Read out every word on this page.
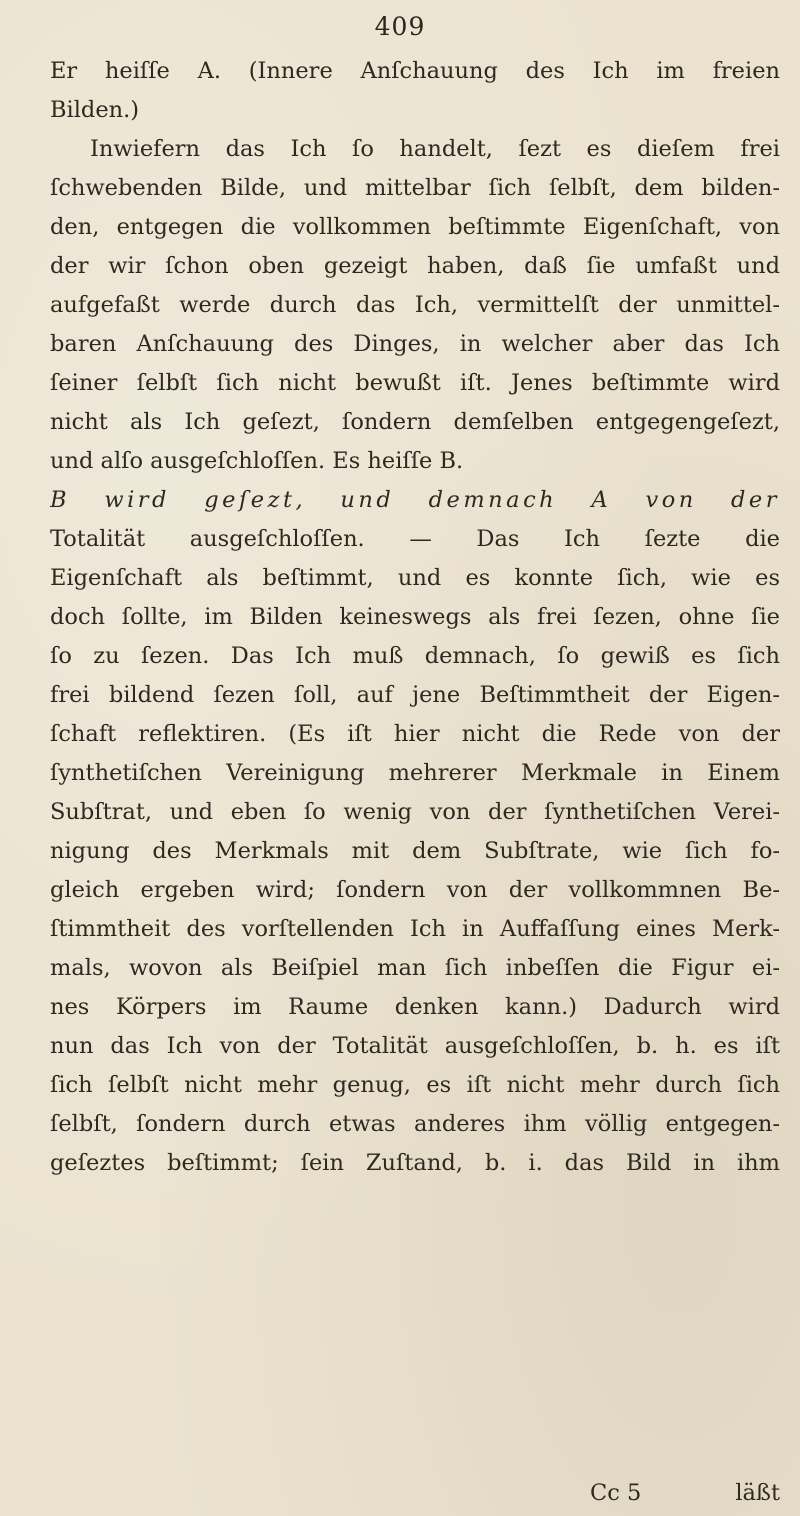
409
Er heiſſe A. (Innere Anſchauung des Ich im freien
Bilden.)
Inwiefern das Ich ſo handelt, ſezt es dieſem frei
ſchwebenden Bilde, und mittelbar ſich ſelbſt, dem bilden-
den, entgegen die vollkommen beſtimmte Eigenſchaft, von
der wir ſchon oben gezeigt haben, daß ſie umfaßt und
aufgefaßt werde durch das Ich, vermittelſt der unmittel-
baren Anſchauung des Dinges, in welcher aber das Ich
ſeiner ſelbſt ſich nicht bewußt iſt. Jenes beſtimmte wird
nicht als Ich geſezt, ſondern demſelben entgegengeſezt,
und alſo ausgeſchloſſen. Es heiſſe B.
B wird geſezt, und demnach A von der
Totalität ausgeſchloſſen. — Das Ich ſezte die
Eigenſchaft als beſtimmt, und es konnte ſich, wie es
doch ſollte, im Bilden keineswegs als frei ſezen, ohne ſie
ſo zu ſezen. Das Ich muß demnach, ſo gewiß es ſich
frei bildend ſezen ſoll, auf jene Beſtimmtheit der Eigen-
ſchaft reflektiren. (Es iſt hier nicht die Rede von der
ſynthetiſchen Vereinigung mehrerer Merkmale in Einem
Subſtrat, und eben ſo wenig von der ſynthetiſchen Verei-
nigung des Merkmals mit dem Subſtrate, wie ſich fo-
gleich ergeben wird; ſondern von der vollkommnen Be-
ſtimmtheit des vorſtellenden Ich in Auffaſſung eines Merk-
mals, wovon als Beiſpiel man ſich inbeſſen die Figur ei-
nes Körpers im Raume denken kann.) Dadurch wird
nun das Ich von der Totalität ausgeſchloſſen, b. h. es iſt
ſich ſelbſt nicht mehr genug, es iſt nicht mehr durch ſich
ſelbſt, ſondern durch etwas anderes ihm völlig entgegen-
geſeztes beſtimmt; ſein Zuſtand, b. i. das Bild in ihm
Cc 5	läßt
